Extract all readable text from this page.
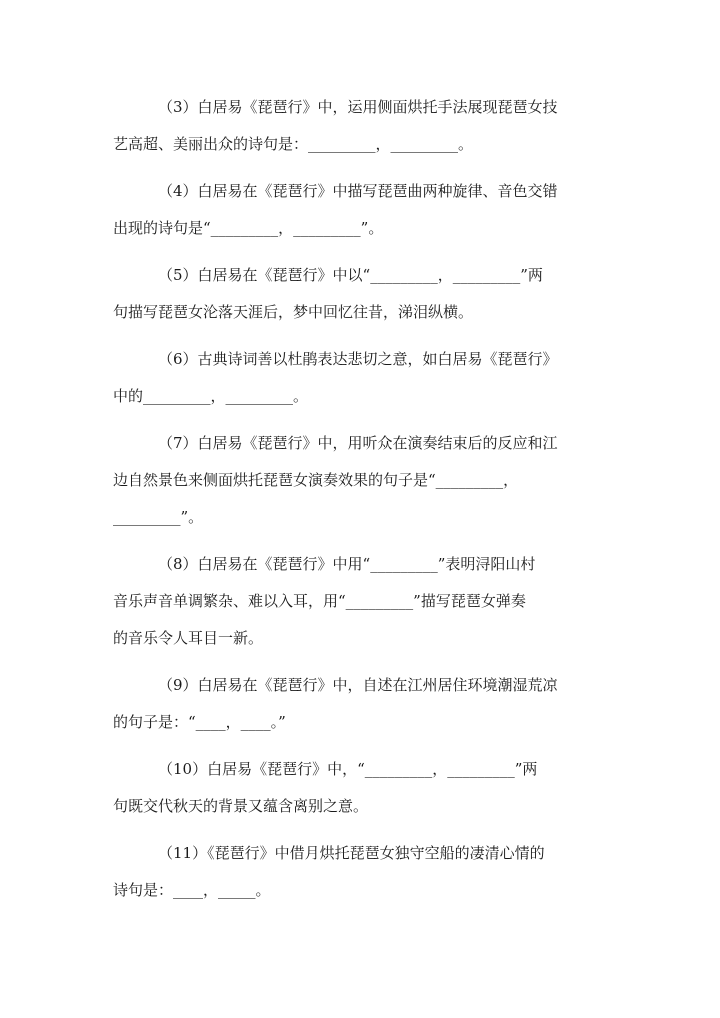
（3）白居易《琵琶行》中，运用侧面烘托手法展现琵琶女技
艺高超、美丽出众的诗句是：_________，_________。

（4）白居易在《琵琶行》中描写琵琶曲两种旋律、音色交错
出现的诗句是“_________，_________”。

（5）白居易在《琵琶行》中以“_________，_________”两
句描写琵琶女沦落天涯后，梦中回忆往昔，涕泪纵横。

（6）古典诗词善以杜鹃表达悲切之意，如白居易《琵琶行》
中的_________，_________。

（7）白居易《琵琶行》中，用听众在演奏结束后的反应和江
边自然景色来侧面烘托琵琶女演奏效果的句子是“_________，
_________”。

（8）白居易在《琵琶行》中用“_________”表明浔阳山村
音乐声音单调繁杂、难以入耳，用“_________”描写琵琶女弹奏
的音乐令人耳目一新。

（9）白居易在《琵琶行》中，自述在江州居住环境潮湿荒凉
的句子是：“____，____。”

（10）白居易《琵琶行》中，“_________，_________”两
句既交代秋天的背景又蕴含离别之意。

（11）《琵琶行》中借月烘托琵琶女独守空船的凄清心情的
诗句是：____，_____。
